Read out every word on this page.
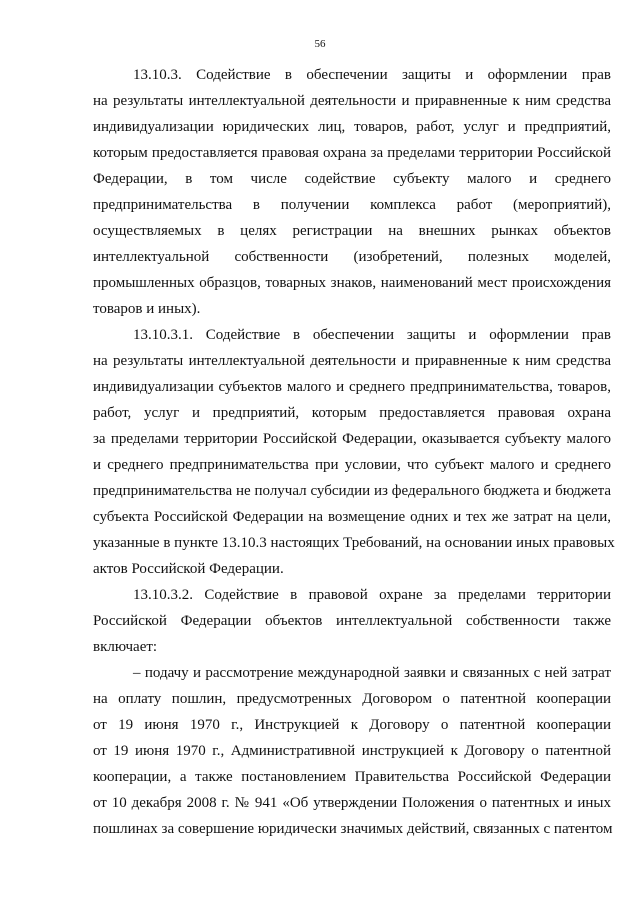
56
13.10.3. Содействие в обеспечении защиты и оформлении прав
на результаты интеллектуальной деятельности и приравненные к ним средства
индивидуализации юридических лиц, товаров, работ, услуг и предприятий,
которым предоставляется правовая охрана за пределами территории Российской
Федерации, в том числе содействие субъекту малого и среднего
предпринимательства в получении комплекса работ (мероприятий),
осуществляемых в целях регистрации на внешних рынках объектов
интеллектуальной собственности (изобретений, полезных моделей,
промышленных образцов, товарных знаков, наименований мест происхождения
товаров и иных).
13.10.3.1. Содействие в обеспечении защиты и оформлении прав
на результаты интеллектуальной деятельности и приравненные к ним средства
индивидуализации субъектов малого и среднего предпринимательства, товаров,
работ, услуг и предприятий, которым предоставляется правовая охрана
за пределами территории Российской Федерации, оказывается субъекту малого
и среднего предпринимательства при условии, что субъект малого и среднего
предпринимательства не получал субсидии из федерального бюджета и бюджета
субъекта Российской Федерации на возмещение одних и тех же затрат на цели,
указанные в пункте 13.10.3 настоящих Требований, на основании иных правовых
актов Российской Федерации.
13.10.3.2. Содействие в правовой охране за пределами территории
Российской Федерации объектов интеллектуальной собственности также
включает:
– подачу и рассмотрение международной заявки и связанных с ней затрат
на оплату пошлин, предусмотренных Договором о патентной кооперации
от 19 июня 1970 г., Инструкцией к Договору о патентной кооперации
от 19 июня 1970 г., Административной инструкцией к Договору о патентной
кооперации, а также постановлением Правительства Российской Федерации
от 10 декабря 2008 г. № 941 «Об утверждении Положения о патентных и иных
пошлинах за совершение юридически значимых действий, связанных с патентом
